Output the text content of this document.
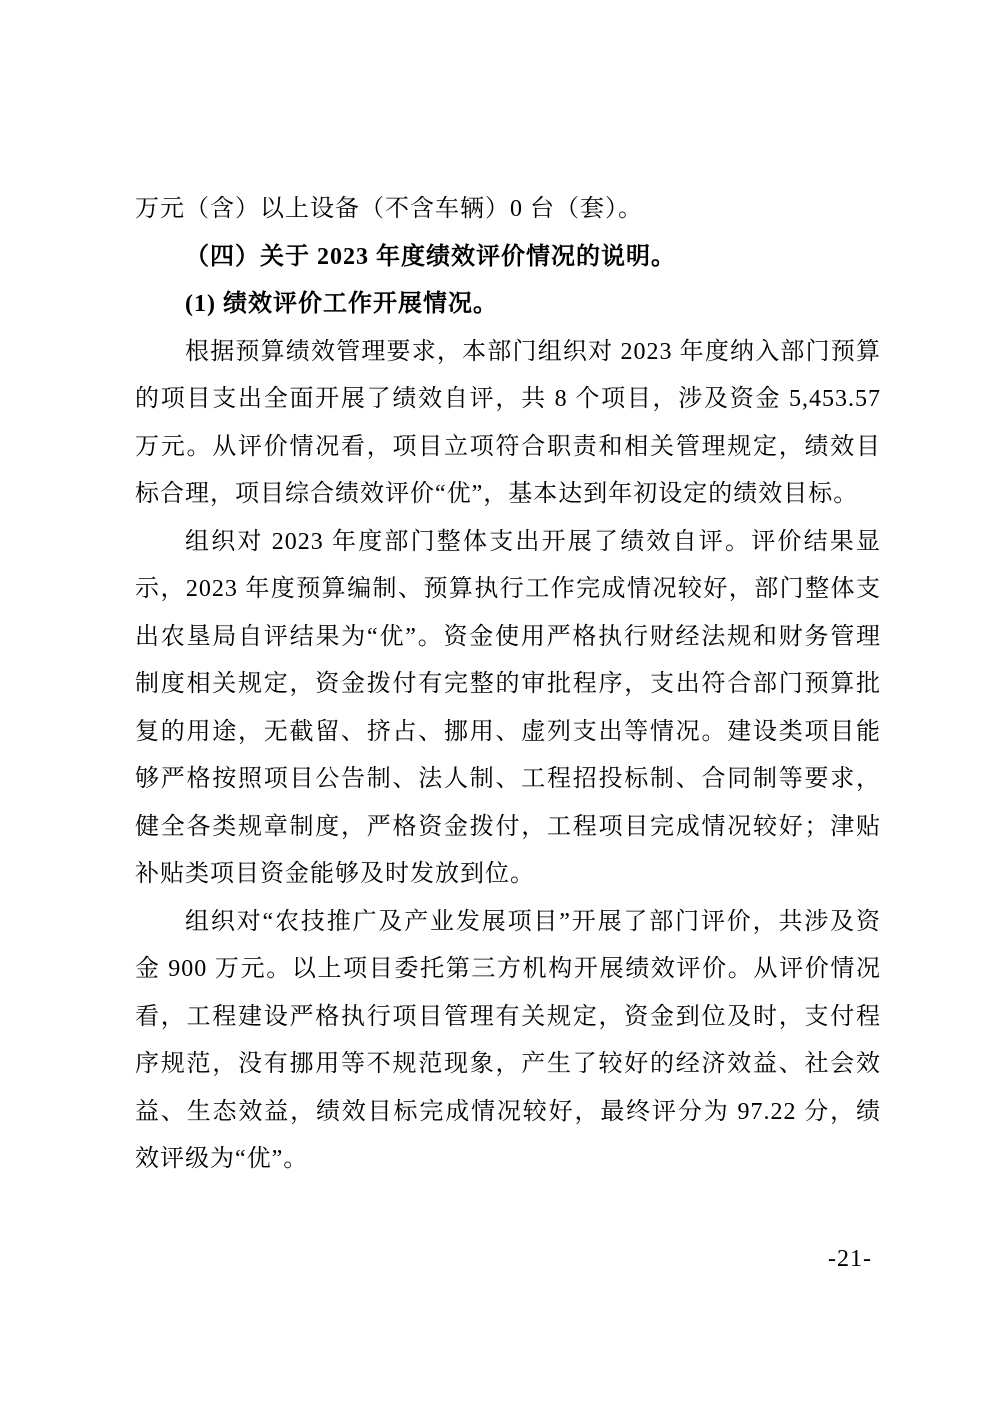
万元（含）以上设备（不含车辆）0 台（套）。

（四）关于 2023 年度绩效评价情况的说明。

(1) 绩效评价工作开展情况。

根据预算绩效管理要求，本部门组织对 2023 年度纳入部门预算的项目支出全面开展了绩效自评，共 8 个项目，涉及资金 5,453.57 万元。从评价情况看，项目立项符合职责和相关管理规定，绩效目标合理，项目综合绩效评价“优”，基本达到年初设定的绩效目标。

组织对 2023 年度部门整体支出开展了绩效自评。评价结果显示，2023 年度预算编制、预算执行工作完成情况较好，部门整体支出农垦局自评结果为“优”。资金使用严格执行财经法规和财务管理制度相关规定，资金拨付有完整的审批程序，支出符合部门预算批复的用途，无截留、挤占、挪用、虚列支出等情况。建设类项目能够严格按照项目公告制、法人制、工程招投标制、合同制等要求，健全各类规章制度，严格资金拨付，工程项目完成情况较好；津贴补贴类项目资金能够及时发放到位。

组织对“农技推广及产业发展项目”开展了部门评价，共涉及资金 900 万元。以上项目委托第三方机构开展绩效评价。从评价情况看，工程建设严格执行项目管理有关规定，资金到位及时，支付程序规范，没有挪用等不规范现象，产生了较好的经济效益、社会效益、生态效益，绩效目标完成情况较好，最终评分为 97.22 分，绩效评级为“优”。

-21-
